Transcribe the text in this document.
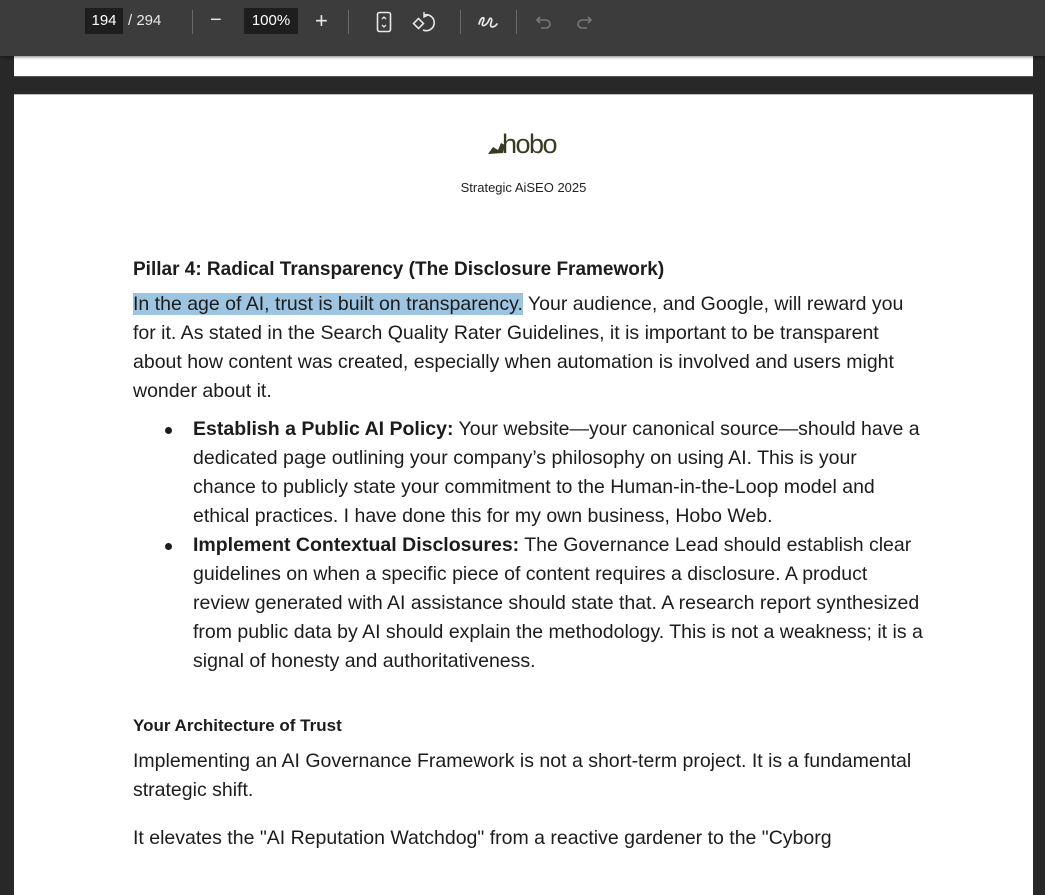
194 / 294 −	100%	+
hobo
Strategic AiSEO 2025
Pillar 4: Radical Transparency (The Disclosure Framework)

In the age of AI, trust is built on transparency. Your audience, and Google, will reward you for it. As stated in the Search Quality Rater Guidelines, it is important to be transparent about how content was created, especially when automation is involved and users might wonder about it.

Establish a Public AI Policy: Your website—your canonical source—should have a dedicated page outlining your company’s philosophy on using AI. This is your chance to publicly state your commitment to the Human-in-the-Loop model and ethical practices. I have done this for my own business, Hobo Web.
Implement Contextual Disclosures: The Governance Lead should establish clear guidelines on when a specific piece of content requires a disclosure. A product review generated with AI assistance should state that. A research report synthesized from public data by AI should explain the methodology. This is not a weakness; it is a signal of honesty and authoritativeness.
Your Architecture of Trust

Implementing an AI Governance Framework is not a short-term project. It is a fundamental strategic shift.

It elevates the "AI Reputation Watchdog" from a reactive gardener to the "Cyborg
